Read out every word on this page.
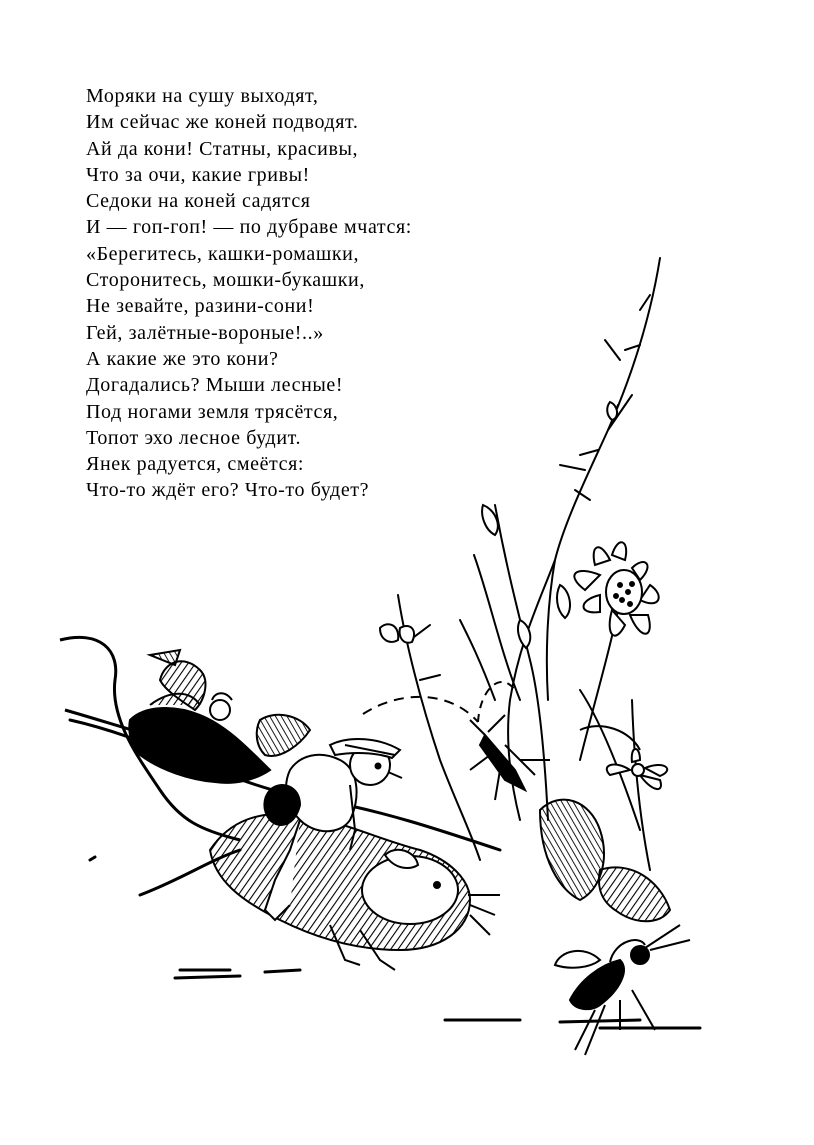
Моряки на сушу выходят,
Им сейчас же коней подводят.
Ай да кони! Статны, красивы,
Что за очи, какие гривы!
Седоки на коней садятся
И — гоп-гоп! — по дубраве мчатся:
«Берегитесь, кашки-ромашки,
Сторонитесь, мошки-букашки,
Не зевайте, разини-сони!
Гей, залётные-вороные!..»
А какие же это кони?
Догадались? Мыши лесные!
Под ногами земля трясётся,
Топот эхо лесное будит.
Янек радуется, смеётся:
Что-то ждёт его? Что-то будет?
